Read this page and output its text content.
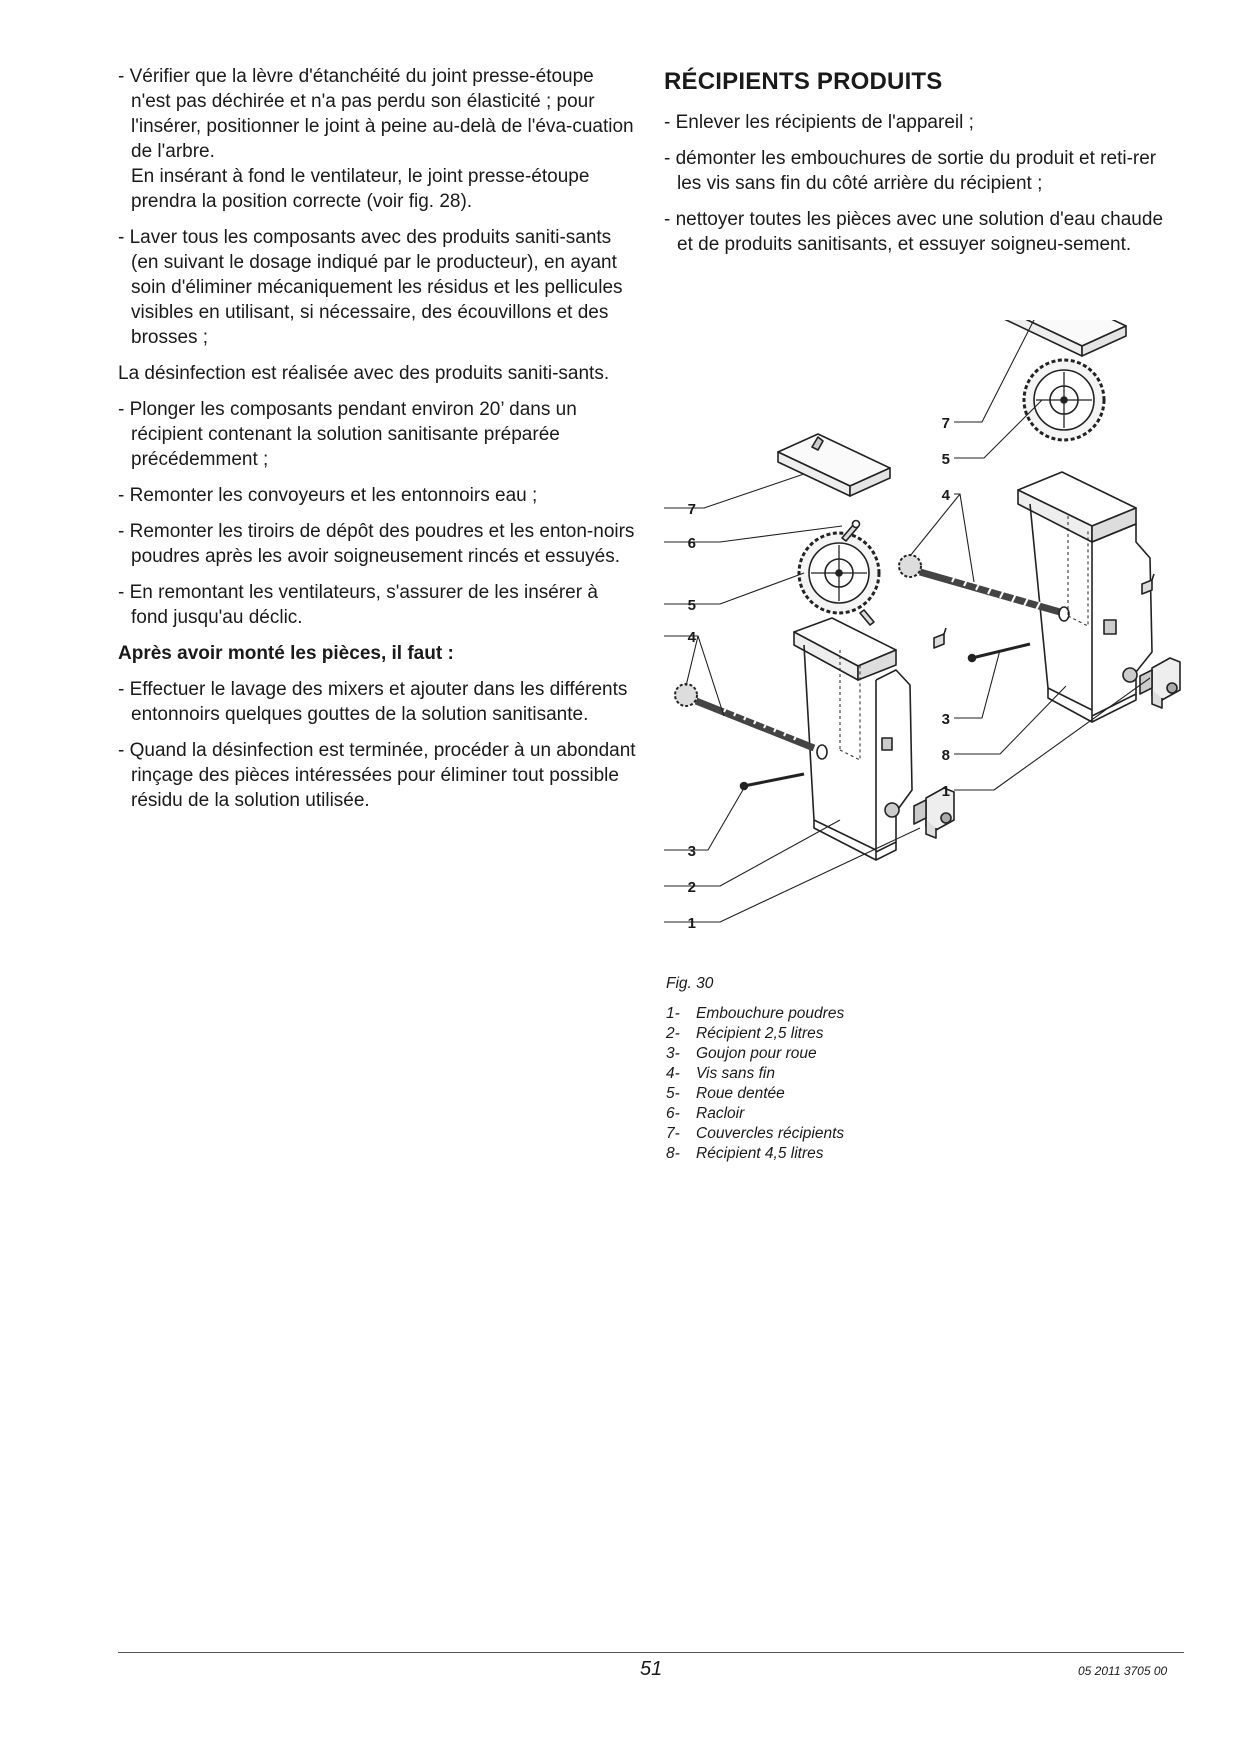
- Vérifier que la lèvre d'étanchéité du joint presse-étoupe n'est pas déchirée et n'a pas perdu son élasticité ; pour l'insérer, positionner le joint à peine au-delà de l'éva-cuation de l'arbre.
En insérant à fond le ventilateur, le joint presse-étoupe prendra la position correcte (voir fig. 28).

- Laver tous les composants avec des produits saniti-sants (en suivant le dosage indiqué par le producteur), en ayant soin d'éliminer mécaniquement les résidus et les pellicules visibles en utilisant, si nécessaire, des écouvillons et des brosses ;

La désinfection est réalisée avec des produits saniti-sants.

- Plonger les composants pendant environ 20’ dans un récipient contenant la solution sanitisante préparée précédemment ;

- Remonter les convoyeurs et les entonnoirs eau ;

- Remonter les tiroirs de dépôt des poudres et les enton-noirs poudres après les avoir soigneusement rincés et essuyés.

- En remontant les ventilateurs, s'assurer de les insérer à fond jusqu'au déclic.

Après avoir monté les pièces, il faut :

- Effectuer le lavage des mixers et ajouter dans les différents entonnoirs quelques gouttes de la solution sanitisante.

- Quand la désinfection est terminée, procéder à un abondant rinçage des pièces intéressées pour éliminer tout possible résidu de la solution utilisée.

RÉCIPIENTS PRODUITS

- Enlever les récipients de l'appareil ;

- démonter les embouchures de sortie du produit et reti-rer les vis sans fin du côté arrière du récipient ;

- nettoyer toutes les pièces avec une solution d'eau chaude et de produits sanitisants, et essuyer soigneu-sement.

7
6
5
4
3
2
1
7
5
4
3
8
1
Fig. 30
1-	Embouchure poudres
2-	Récipient 2,5 litres
3-	Goujon pour roue
4-	Vis sans fin
5-	Roue dentée
6-	Racloir
7-	Couvercles récipients
8-	Récipient 4,5 litres
51	05 2011 3705 00
